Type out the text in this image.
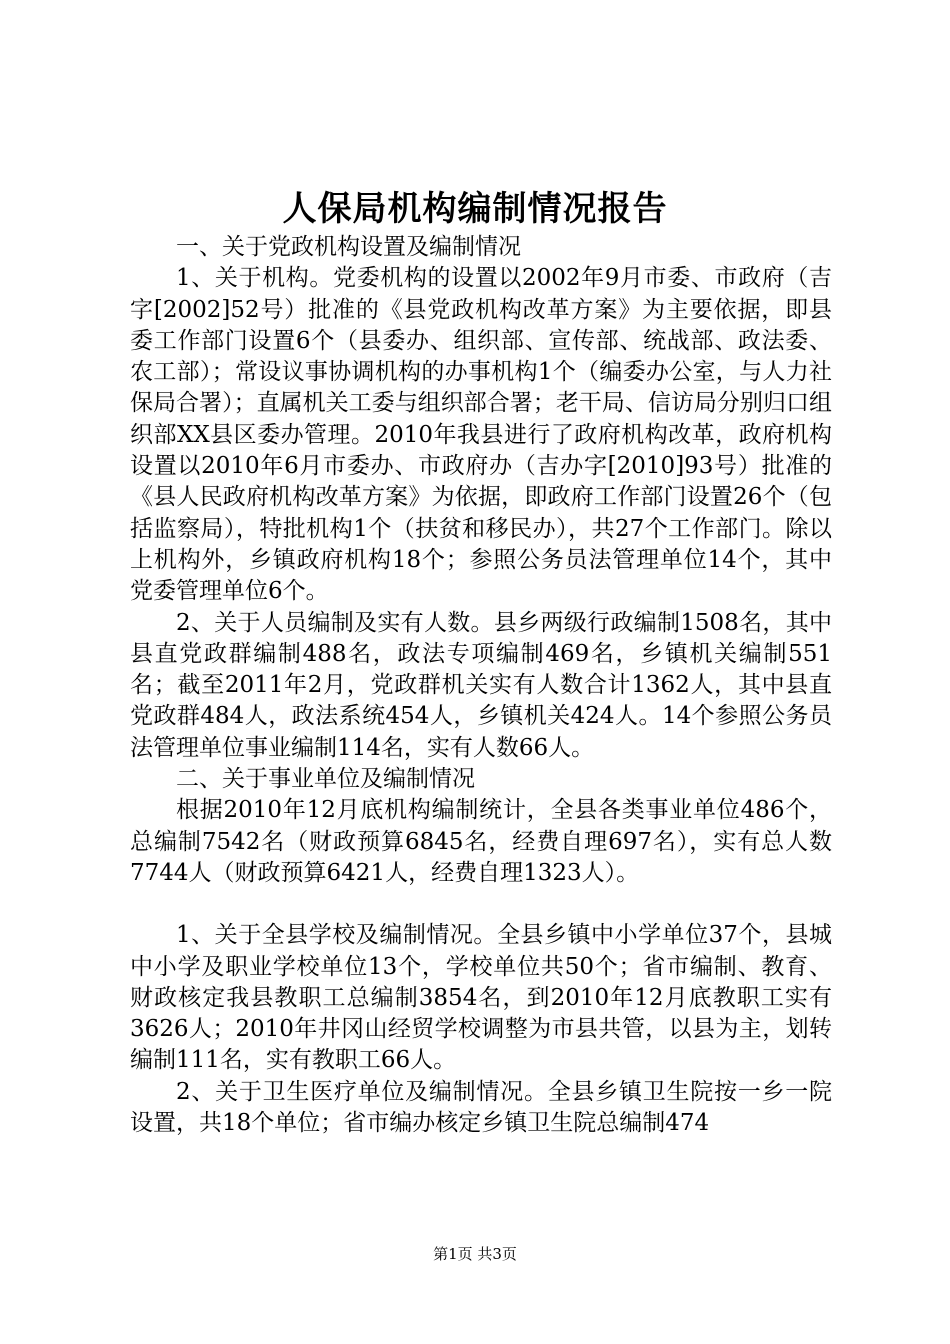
人保局机构编制情况报告

一、关于党政机构设置及编制情况

1、关于机构。党委机构的设置以2002年9月市委、市政府（吉字[2002]52号）批准的《县党政机构改革方案》为主要依据，即县委工作部门设置6个（县委办、组织部、宣传部、统战部、政法委、农工部）；常设议事协调机构的办事机构1个（编委办公室，与人力社保局合署）；直属机关工委与组织部合署；老干局、信访局分别归口组织部XX县区委办管理。2010年我县进行了政府机构改革，政府机构设置以2010年6月市委办、市政府办（吉办字[2010]93号）批准的《县人民政府机构改革方案》为依据，即政府工作部门设置26个（包括监察局），特批机构1个（扶贫和移民办），共27个工作部门。除以上机构外，乡镇政府机构18个；参照公务员法管理单位14个，其中党委管理单位6个。

2、关于人员编制及实有人数。县乡两级行政编制1508名，其中县直党政群编制488名，政法专项编制469名，乡镇机关编制551名；截至2011年2月，党政群机关实有人数合计1362人，其中县直党政群484人，政法系统454人，乡镇机关424人。14个参照公务员法管理单位事业编制114名，实有人数66人。

二、关于事业单位及编制情况

根据2010年12月底机构编制统计，全县各类事业单位486个，总编制7542名（财政预算6845名，经费自理697名），实有总人数7744人（财政预算6421人，经费自理1323人）。

1、关于全县学校及编制情况。全县乡镇中小学单位37个，县城中小学及职业学校单位13个，学校单位共50个；省市编制、教育、财政核定我县教职工总编制3854名，到2010年12月底教职工实有3626人；2010年井冈山经贸学校调整为市县共管，以县为主，划转编制111名，实有教职工66人。

2、关于卫生医疗单位及编制情况。全县乡镇卫生院按一乡一院设置，共18个单位；省市编办核定乡镇卫生院总编制474

第1页 共3页
